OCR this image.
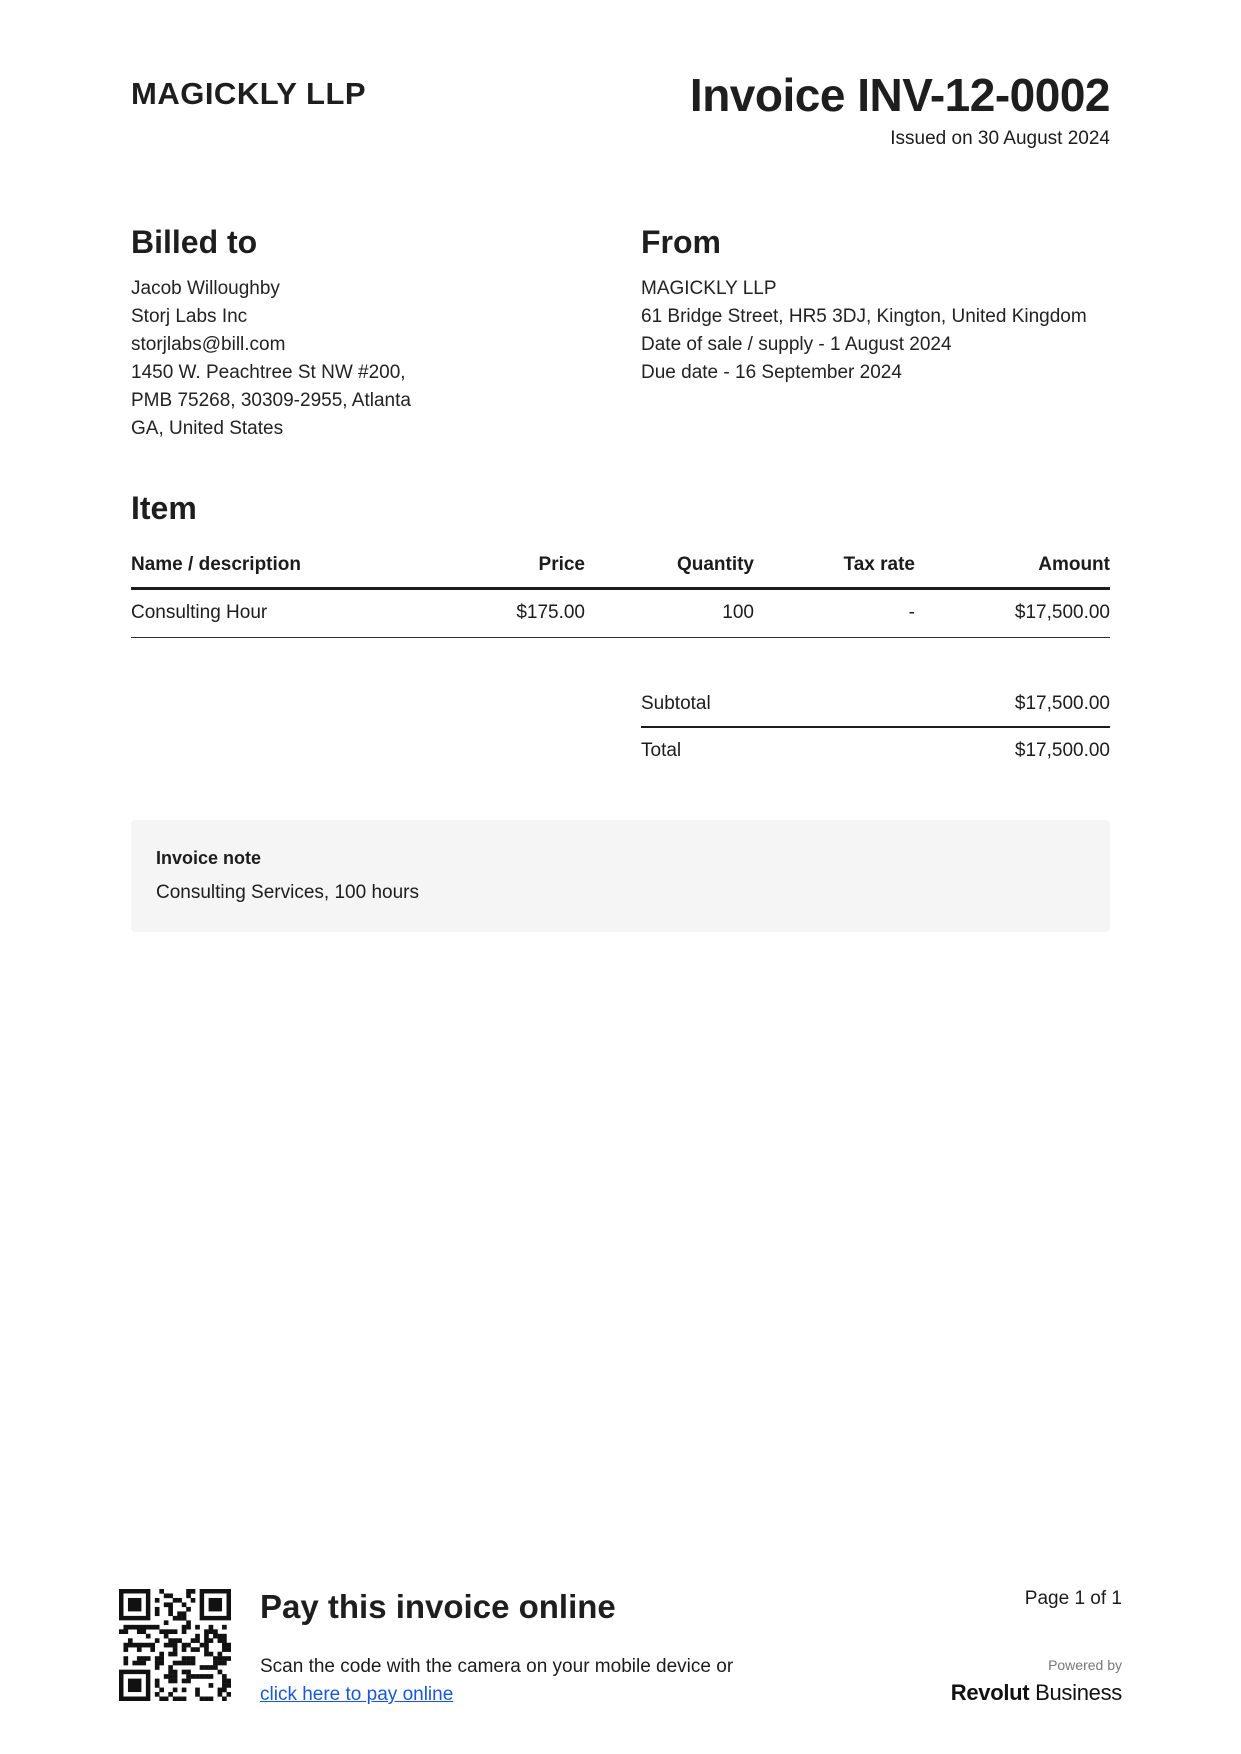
MAGICKLY LLP	Invoice INV-12-0002
Issued on 30 August 2024
Billed to
Jacob Willoughby
Storj Labs Inc
storjlabs@bill.com
1450 W. Peachtree St NW #200,
PMB 75268, 30309-2955, Atlanta
GA, United States
From
MAGICKLY LLP
61 Bridge Street, HR5 3DJ, Kington, United Kingdom
Date of sale / supply - 1 August 2024
Due date - 16 September 2024
Item
Name / description	Price	Quantity	Tax rate	Amount
Consulting Hour	$175.00	100	-	$17,500.00
Subtotal	$17,500.00
Total	$17,500.00
Invoice note
Consulting Services, 100 hours
Pay this invoice online
Scan the code with the camera on your mobile device or
click here to pay online
Page 1 of 1
Powered by
Revolut Business
